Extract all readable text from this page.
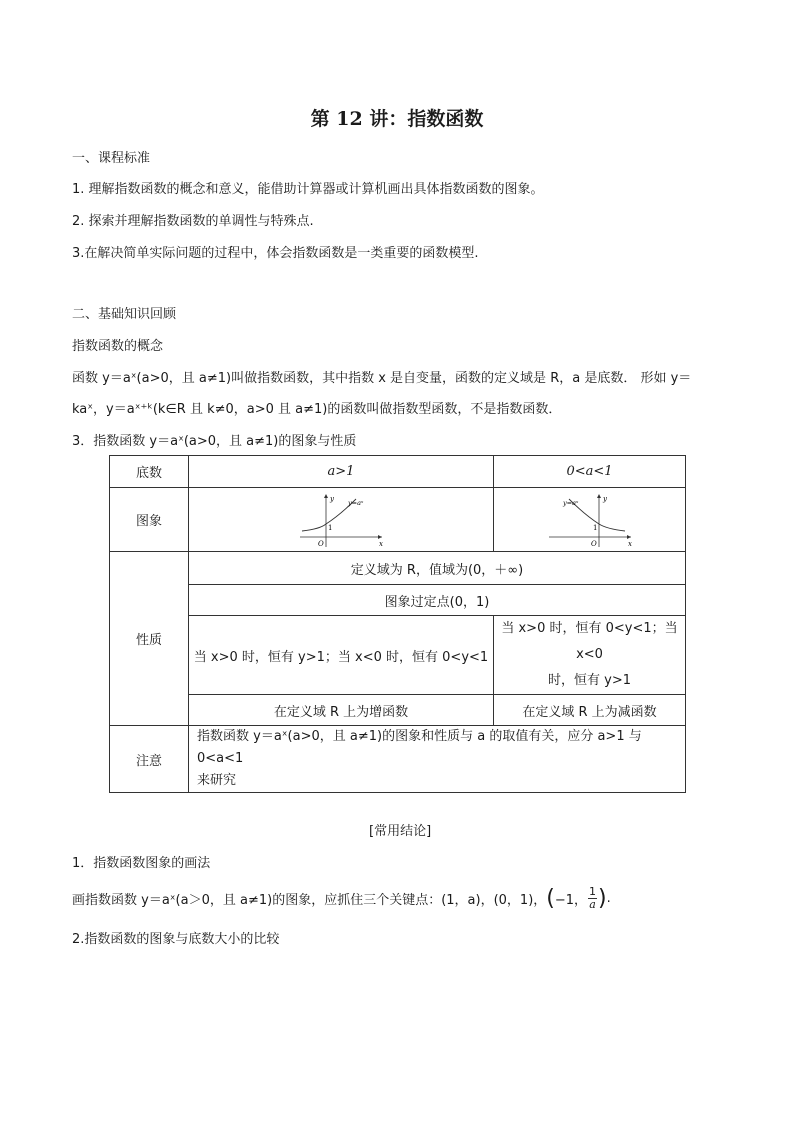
第 12 讲：指数函数
一、课程标准
1. 理解指数函数的概念和意义，能借助计算器或计算机画出具体指数函数的图象。
2. 探索并理解指数函数的单调性与特殊点.
3.在解决简单实际问题的过程中，体会指数函数是一类重要的函数模型.
二、基础知识回顾
指数函数的概念
函数 y＝aˣ(a>0，且 a≠1)叫做指数函数，其中指数 x 是自变量，函数的定义域是 R，a 是底数． 形如 y＝
kaˣ，y＝aˣ⁺ᵏ(k∈R 且 k≠0，a>0 且 a≠1)的函数叫做指数型函数，不是指数函数．
3．指数函数 y＝aˣ(a>0，且 a≠1)的图象与性质
底数	a>1	0<a<1
图象	y y=aˣ
1
O x	y
y=aˣ
1
O x

性质	定义域为 R，值域为(0，＋∞)	
	图象过定点(0，1)	
	当 x>0 时，恒有 y>1；当 x<0 时，恒有 0<y<1	当 x>0 时，恒有 0<y<1；当 x<0
时，恒有 y>1

	在定义域 R 上为增函数	在定义域 R 上为减函数
注意	指数函数 y＝aˣ(a>0，且 a≠1)的图象和性质与 a 的取值有关，应分 a>1 与 0<a<1
来研究	
[常用结论]
1．指数函数图象的画法
画指数函数 y＝aˣ(a＞0，且 a≠1)的图象，应抓住三个关键点：(1，a)，(0，1)， ( −1， $\frac{1}{a}$ ) .
2.指数函数的图象与底数大小的比较
